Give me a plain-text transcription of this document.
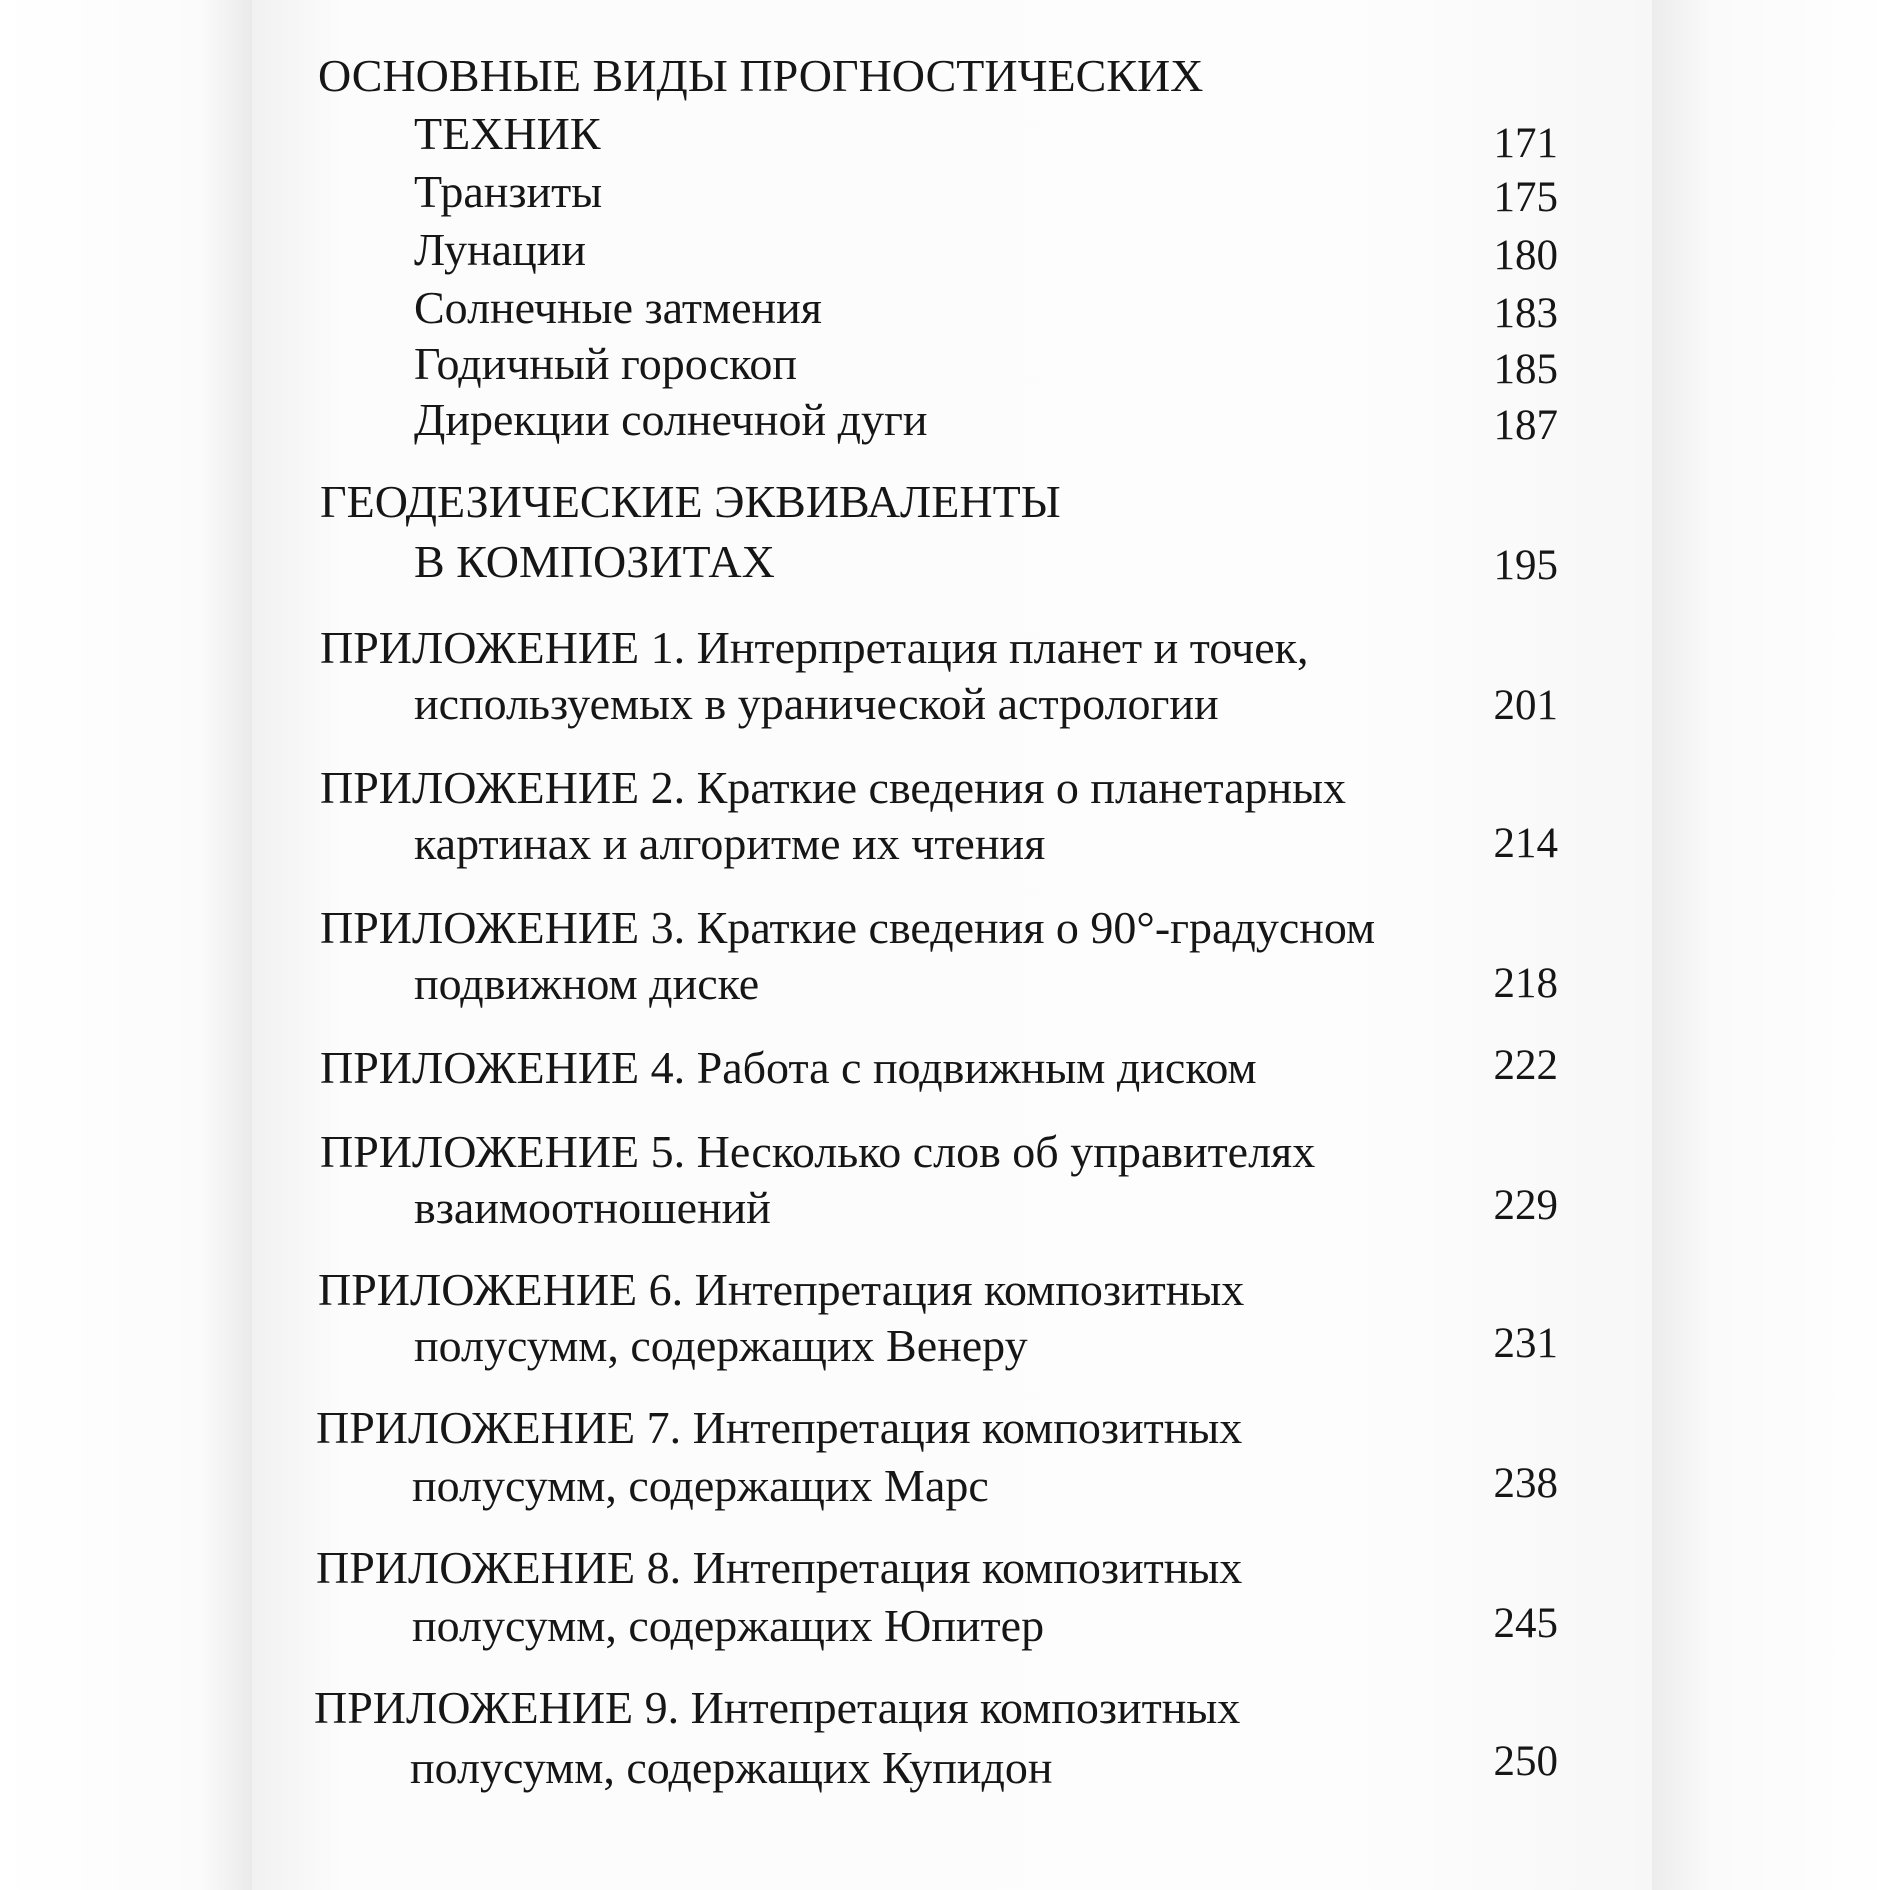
ОСНОВНЫЕ ВИДЫ ПРОГНОСТИЧЕСКИХ
ТЕХНИК	171
Транзиты	175
Лунации	180
Солнечные затмения	183
Годичный гороскоп	185
Дирекции солнечной дуги	187
ГЕОДЕЗИЧЕСКИЕ ЭКВИВАЛЕНТЫ
В КОМПОЗИТАХ	195
ПРИЛОЖЕНИЕ 1. Интерпретация планет и точек,
используемых в уранической астрологии	201
ПРИЛОЖЕНИЕ 2. Краткие сведения о планетарных
картинах и алгоритме их чтения	214
ПРИЛОЖЕНИЕ 3. Краткие сведения о 90°-градусном
подвижном диске	218
ПРИЛОЖЕНИЕ 4. Работа с подвижным диском	222
ПРИЛОЖЕНИЕ 5. Несколько слов об управителях
взаимоотношений	229
ПРИЛОЖЕНИЕ 6. Интепретация композитных
полусумм, содержащих Венеру	231
ПРИЛОЖЕНИЕ 7. Интепретация композитных
полусумм, содержащих Марс	238
ПРИЛОЖЕНИЕ 8. Интепретация композитных
полусумм, содержащих Юпитер	245
ПРИЛОЖЕНИЕ 9. Интепретация композитных
полусумм, содержащих Купидон	250
